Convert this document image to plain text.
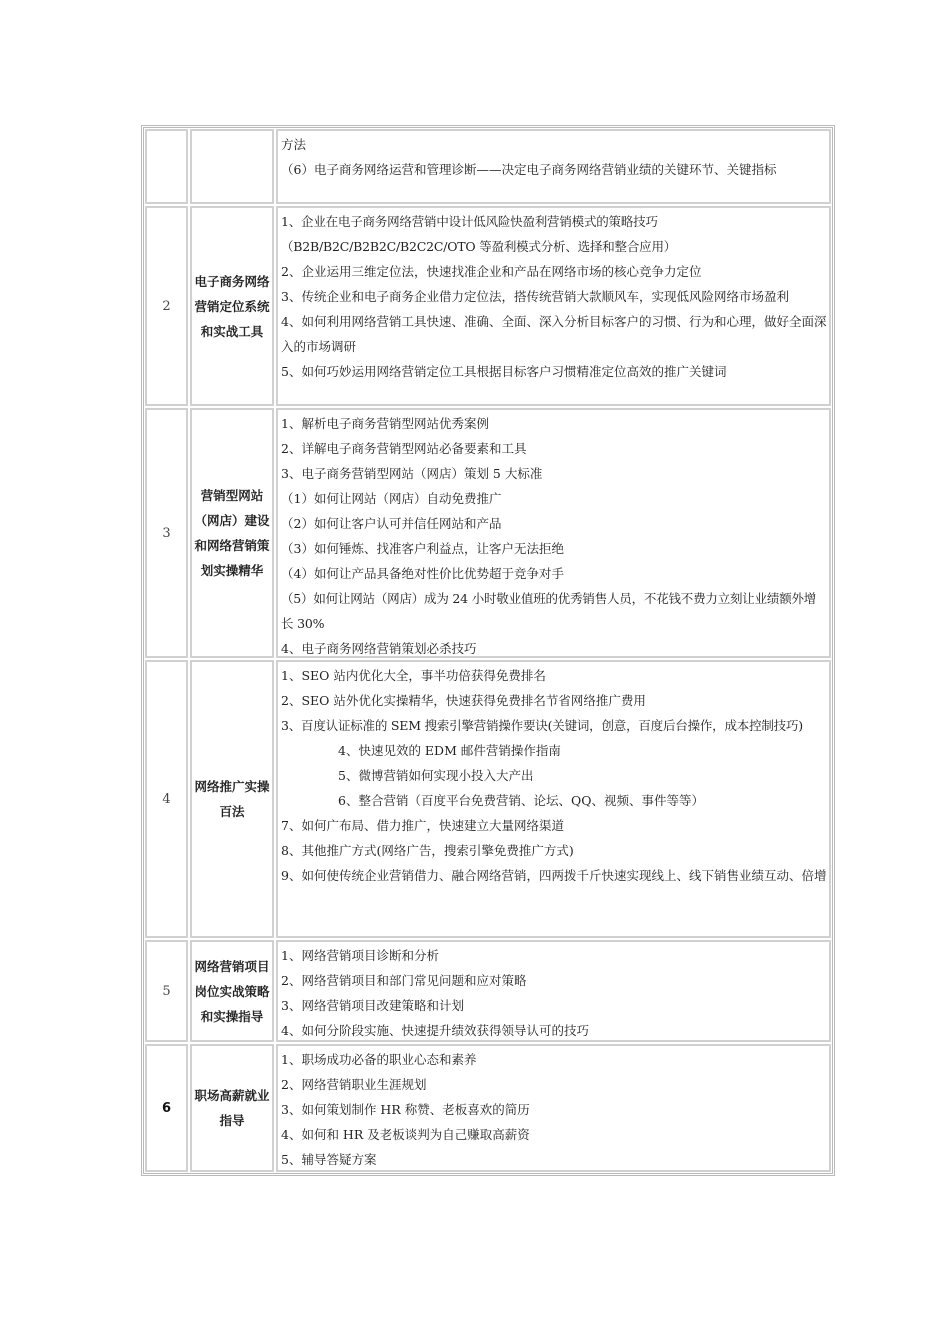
方法
（6）电子商务网络运营和管理诊断——决定电子商务网络营销业绩的关键环节、关键指标
2
电子商务网络营销定位系统和实战工具
1、企业在电子商务网络营销中设计低风险快盈利营销模式的策略技巧（B2B/B2C/B2B2C/B2C2C/OTO 等盈利模式分析、选择和整合应用）
2、企业运用三维定位法，快速找准企业和产品在网络市场的核心竞争力定位
3、传统企业和电子商务企业借力定位法，搭传统营销大款顺风车，实现低风险网络市场盈利
4、如何利用网络营销工具快速、准确、全面、深入分析目标客户的习惯、行为和心理，做好全面深入的市场调研
5、如何巧妙运用网络营销定位工具根据目标客户习惯精准定位高效的推广关键词
3
营销型网站（网店）建设和网络营销策划实操精华
1、解析电子商务营销型网站优秀案例
2、详解电子商务营销型网站必备要素和工具
3、电子商务营销型网站（网店）策划 5 大标准
（1）如何让网站（网店）自动免费推广
（2）如何让客户认可并信任网站和产品
（3）如何锤炼、找准客户利益点，让客户无法拒绝
（4）如何让产品具备绝对性价比优势超于竞争对手
（5）如何让网站（网店）成为 24 小时敬业值班的优秀销售人员，不花钱不费力立刻让业绩额外增长 30%
4、电子商务网络营销策划必杀技巧
4
网络推广实操百法
1、SEO 站内优化大全，事半功倍获得免费排名
2、SEO 站外优化实操精华，快速获得免费排名节省网络推广费用
3、百度认证标准的 SEM 搜索引擎营销操作要诀(关键词，创意，百度后台操作，成本控制技巧)
4、快速见效的 EDM 邮件营销操作指南
5、微博营销如何实现小投入大产出
6、整合营销（百度平台免费营销、论坛、QQ、视频、事件等等）
7、如何广布局、借力推广，快速建立大量网络渠道
8、其他推广方式(网络广告，搜索引擎免费推广方式)
9、如何使传统企业营销借力、融合网络营销，四两拨千斤快速实现线上、线下销售业绩互动、倍增
5
网络营销项目岗位实战策略和实操指导
1、网络营销项目诊断和分析
2、网络营销项目和部门常见问题和应对策略
3、网络营销项目改建策略和计划
4、如何分阶段实施、快速提升绩效获得领导认可的技巧
6
职场高薪就业指导
1、职场成功必备的职业心态和素养
2、网络营销职业生涯规划
3、如何策划制作 HR 称赞、老板喜欢的简历
4、如何和 HR 及老板谈判为自己赚取高薪资
5、辅导答疑方案
